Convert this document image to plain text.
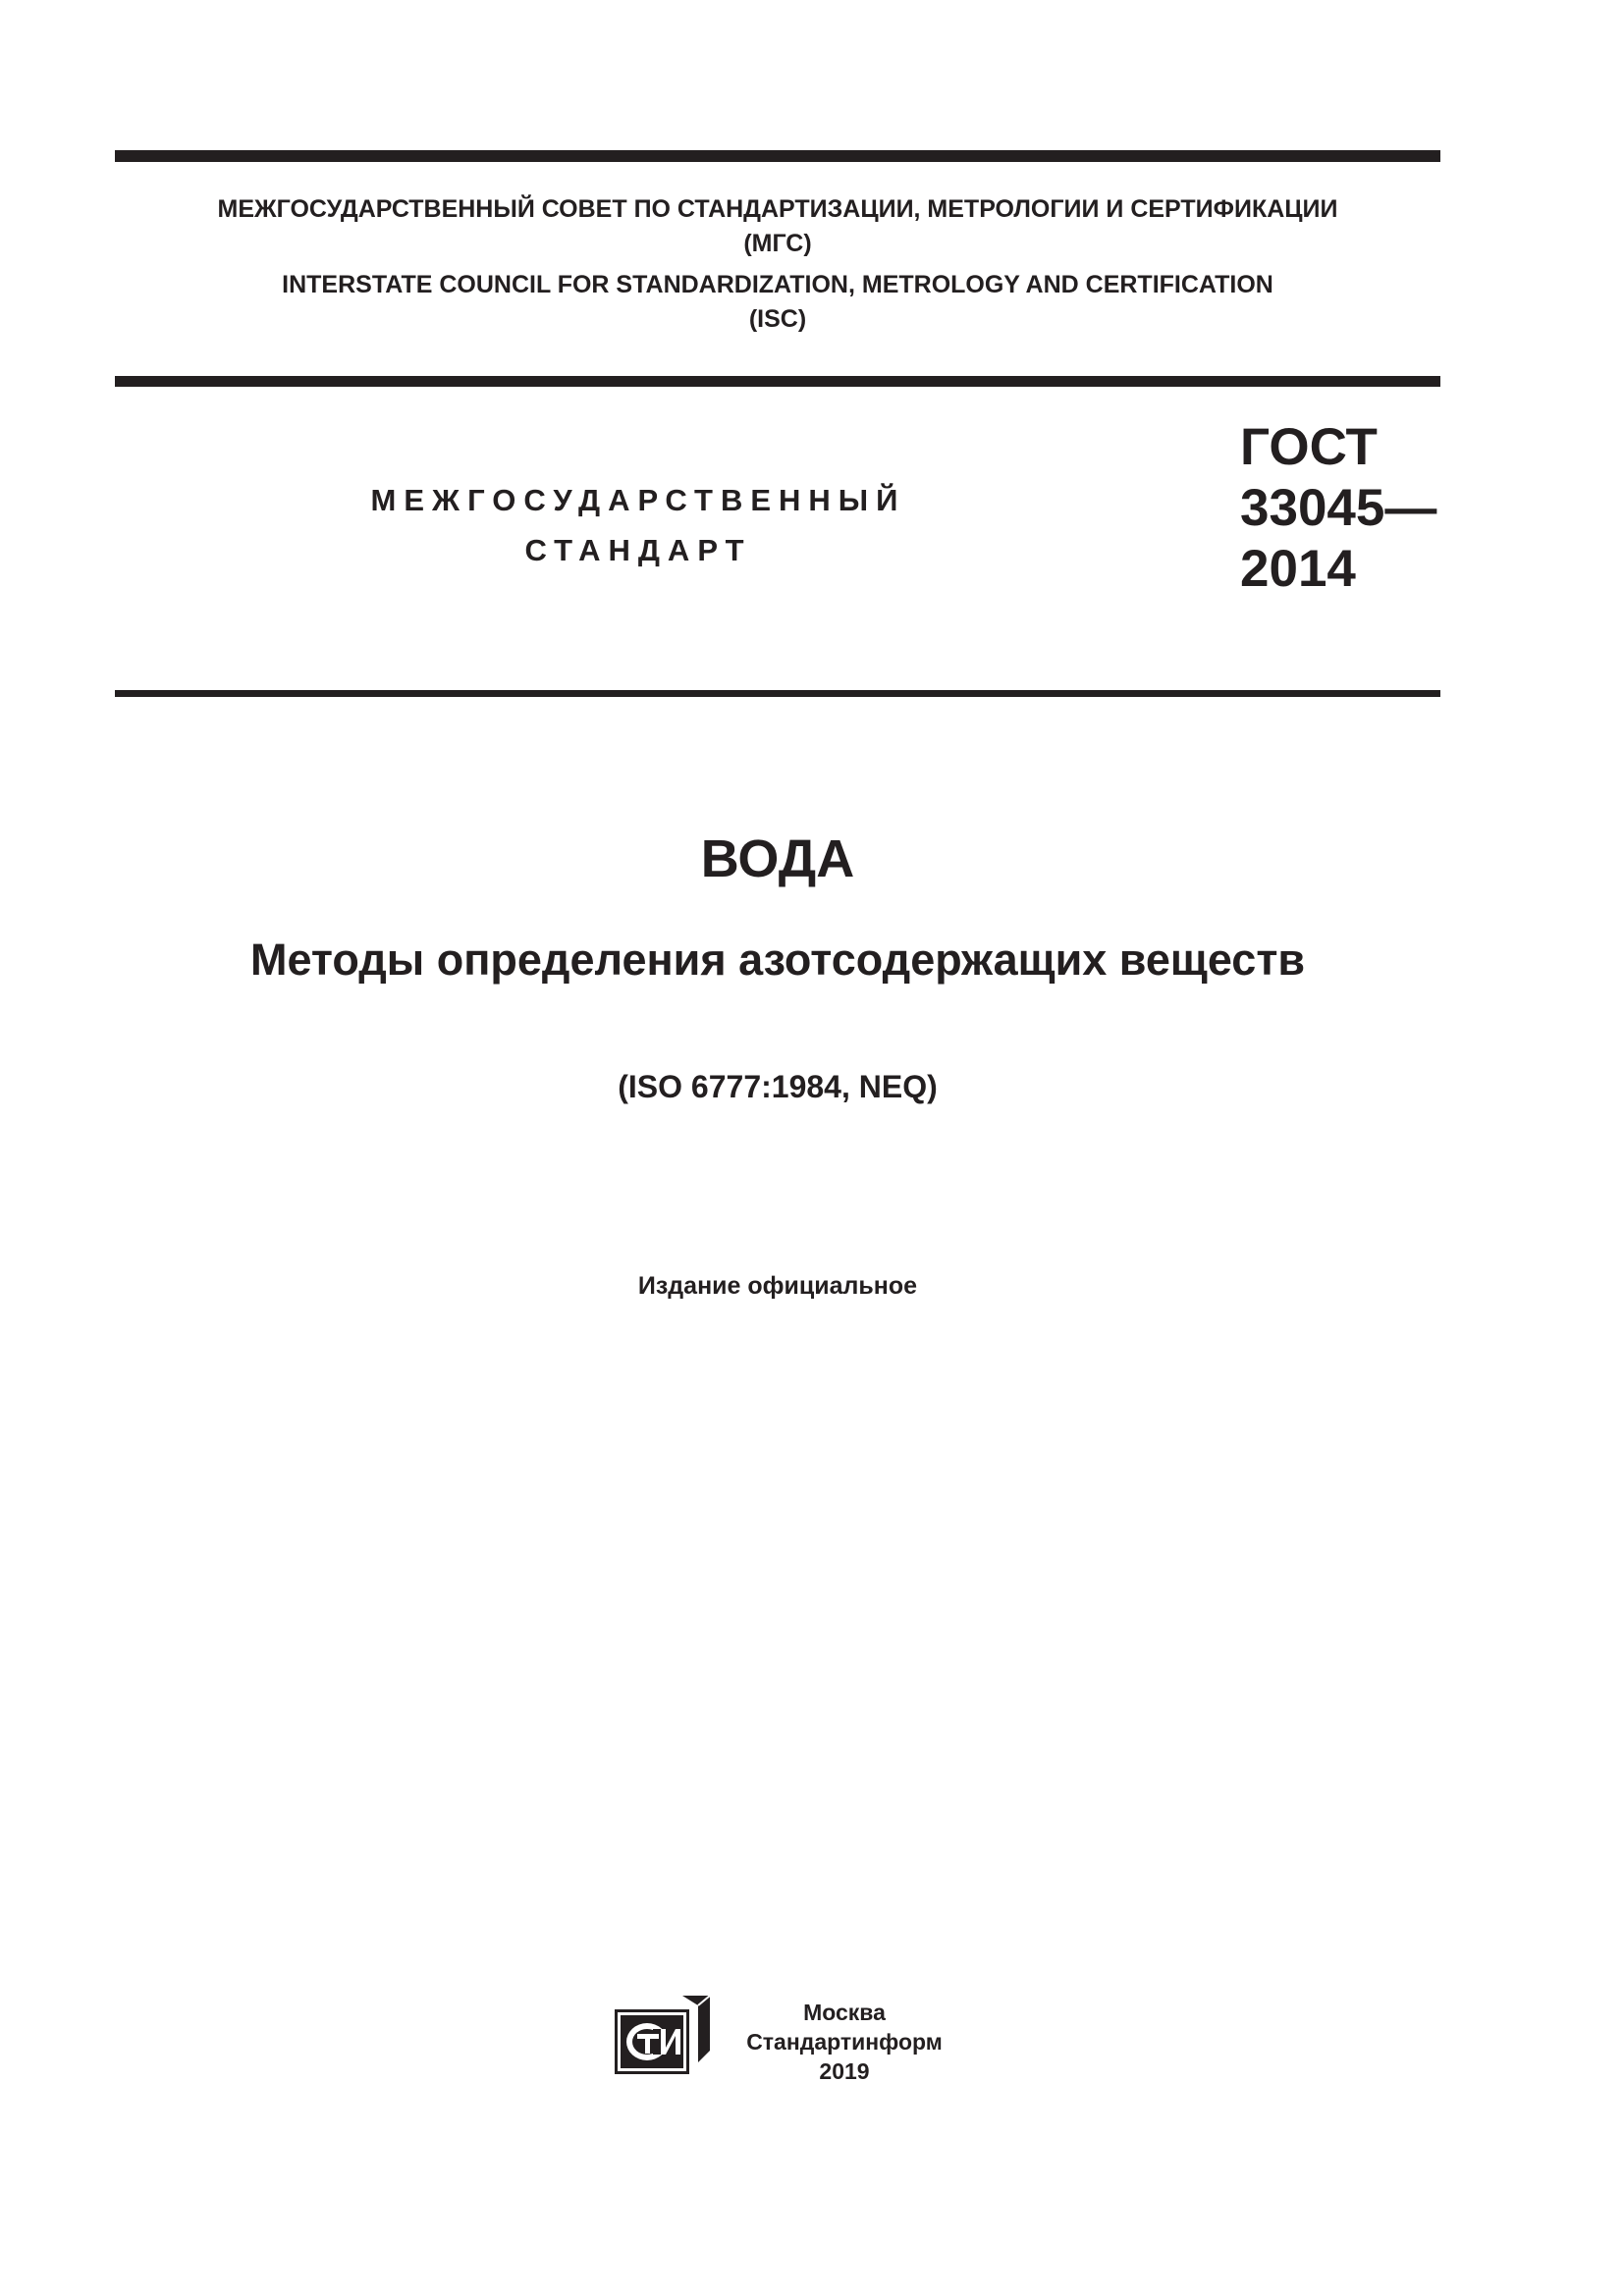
МЕЖГОСУДАРСТВЕННЫЙ СОВЕТ ПО СТАНДАРТИЗАЦИИ, МЕТРОЛОГИИ И СЕРТИФИКАЦИИ
(МГС)
INTERSTATE COUNCIL FOR STANDARDIZATION, METROLOGY AND CERTIFICATION
(ISC)
МЕЖГОСУДАРСТВЕННЫЙ
СТАНДАРТ
ГОСТ
33045—
2014
ВОДА
Методы определения азотсодержащих веществ
(ISO 6777:1984, NEQ)
Издание официальное
Москва
Стандартинформ
2019
